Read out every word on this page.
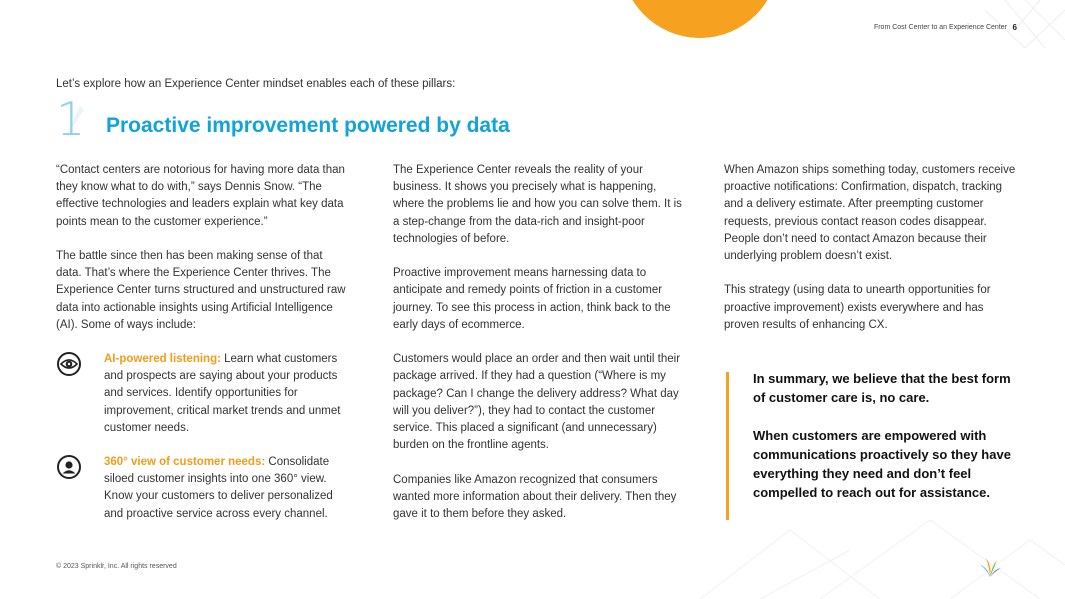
From Cost Center to an Experience Center 6
Let’s explore how an Experience Center mindset enables each of these pillars:
1 Proactive improvement powered by data

“Contact centers are notorious for having more data than they know what to do with,” says Dennis Snow. “The effective technologies and leaders explain what key data points mean to the customer experience.”

The battle since then has been making sense of that data. That’s where the Experience Center thrives. The Experience Center turns structured and unstructured raw data into actionable insights using Artificial Intelligence (AI). Some of ways include:

AI-powered listening: Learn what customers and prospects are saying about your products and services. Identify opportunities for improvement, critical market trends and unmet customer needs.
360° view of customer needs: Consolidate siloed customer insights into one 360° view. Know your customers to deliver personalized and proactive service across every channel.

The Experience Center reveals the reality of your business. It shows you precisely what is happening, where the problems lie and how you can solve them. It is a step-change from the data-rich and insight-poor technologies of before.

Proactive improvement means harnessing data to anticipate and remedy points of friction in a customer journey. To see this process in action, think back to the early days of ecommerce.

Customers would place an order and then wait until their package arrived. If they had a question (“Where is my package? Can I change the delivery address? What day will you deliver?”), they had to contact the customer service. This placed a significant (and unnecessary) burden on the frontline agents.

Companies like Amazon recognized that consumers wanted more information about their delivery. Then they gave it to them before they asked.

When Amazon ships something today, customers receive proactive notifications: Confirmation, dispatch, tracking and a delivery estimate. After preempting customer requests, previous contact reason codes disappear. People don’t need to contact Amazon because their underlying problem doesn’t exist.

This strategy (using data to unearth opportunities for proactive improvement) exists everywhere and has proven results of enhancing CX.

In summary, we believe that the best form of customer care is, no care.

When customers are empowered with communications proactively so they have everything they need and don’t feel compelled to reach out for assistance.

© 2023 Sprinklr, Inc. All rights reserved
